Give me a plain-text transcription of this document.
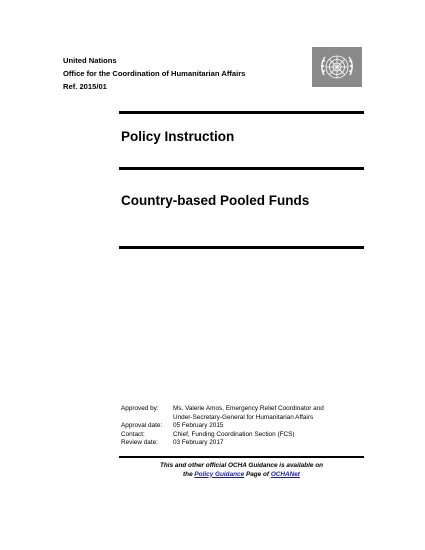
United Nations
Office for the Coordination of Humanitarian Affairs
Ref. 2015/01
Policy Instruction
Country-based Pooled Funds
Approved by:	Ms. Valerie Amos, Emergency Relief Coordinator and
Under-Secretary-General for Humanitarian Affairs
Approval date:	05 February 2015
Contact:	Chief, Funding Coordination Section (FCS)
Review date:	03 February 2017
This and other official OCHA Guidance is available on
the Policy Guidance Page of OCHANet
